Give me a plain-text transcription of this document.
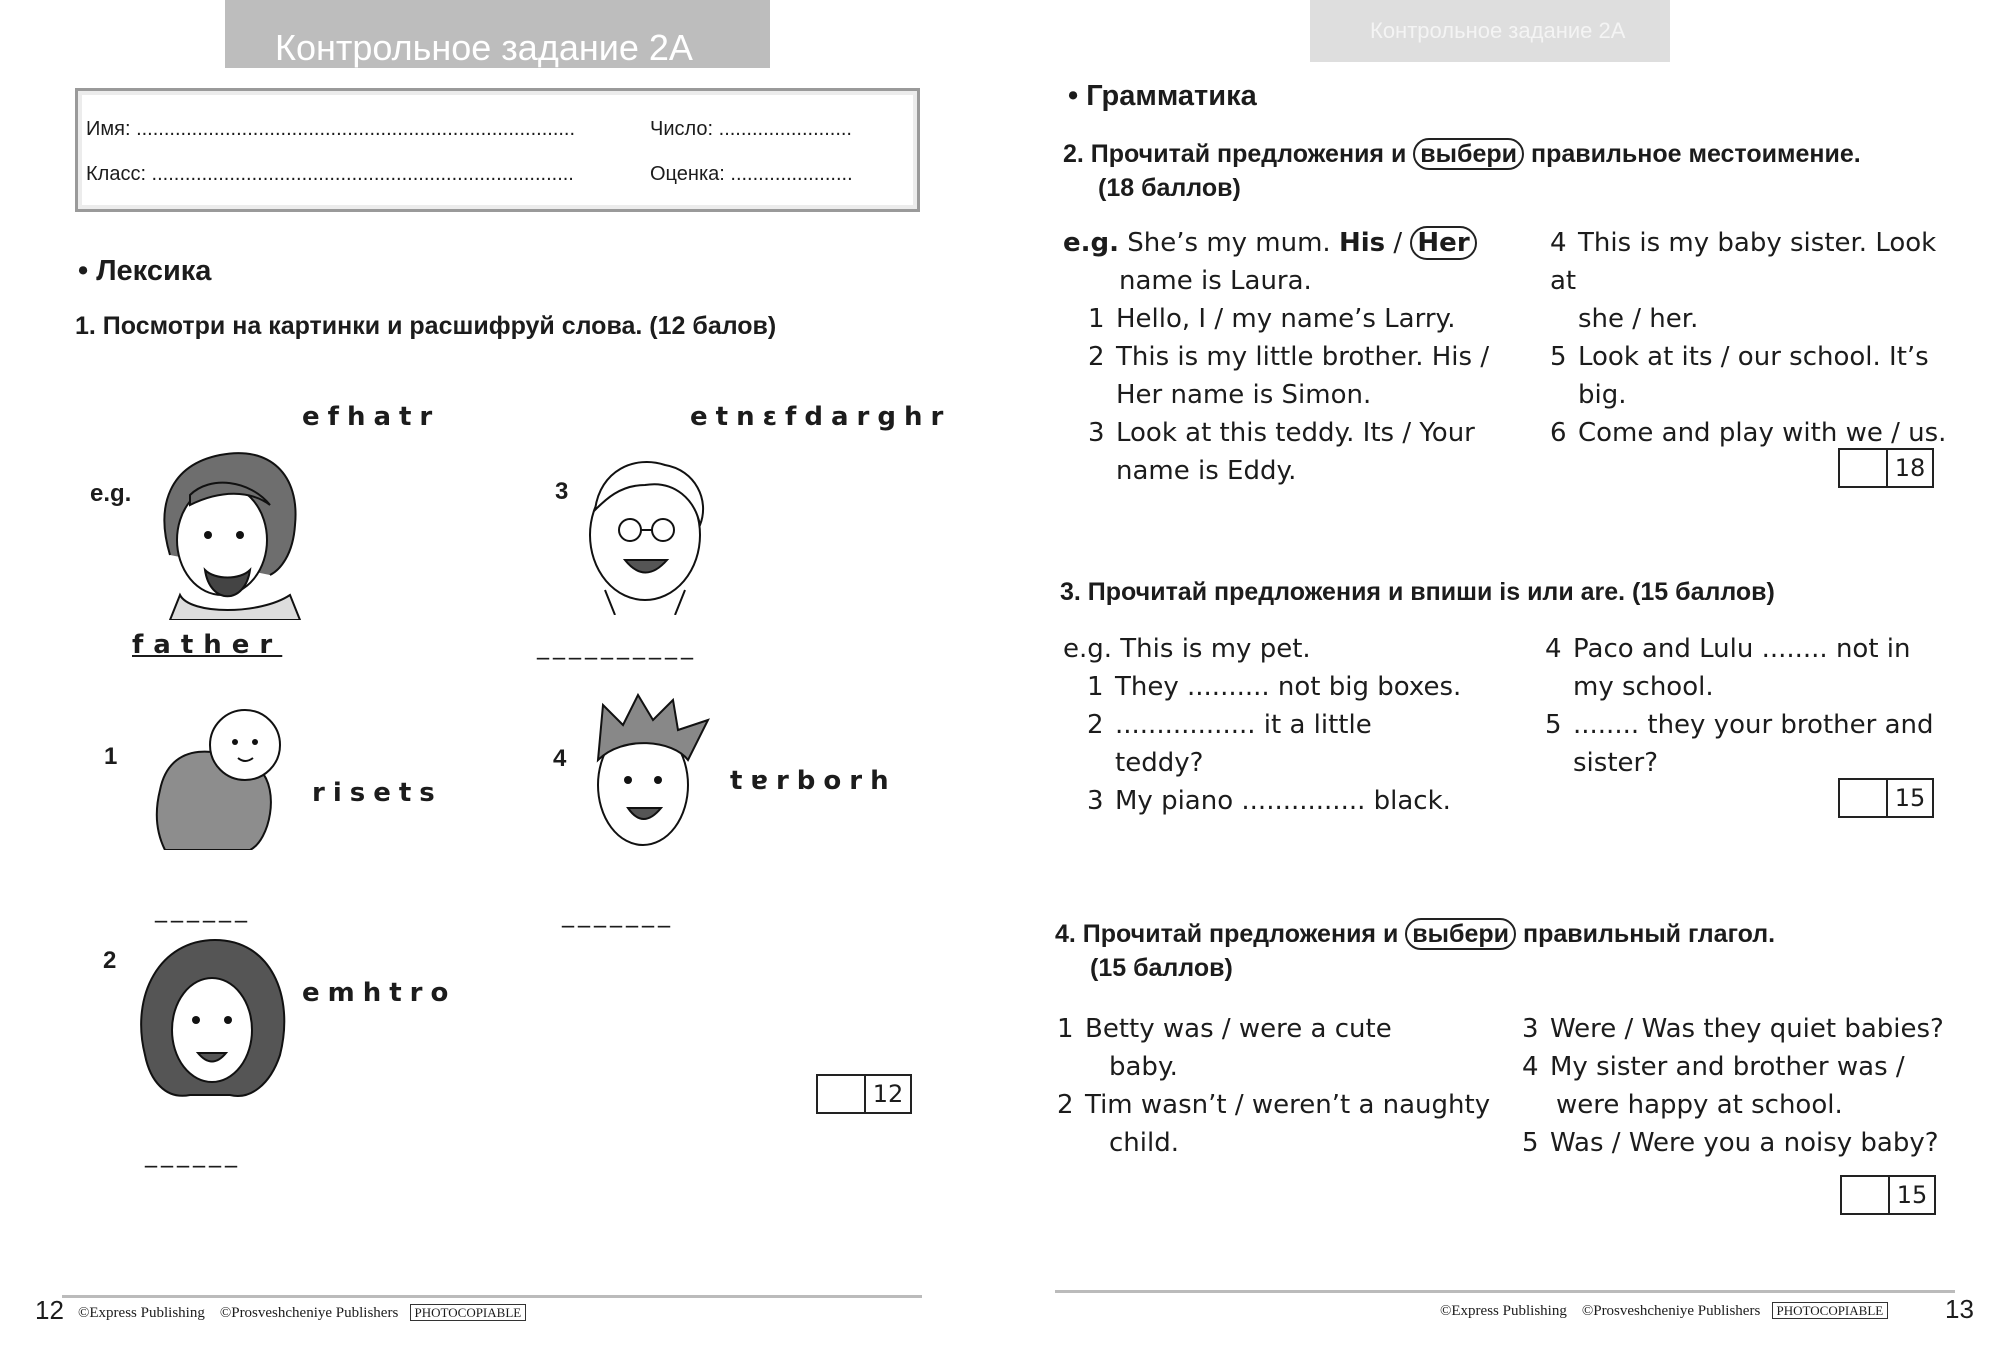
Контрольное задание 2А
Имя: ...............................................................................	Число: ........................
Класс: ............................................................................	Оценка: ......................
• Лексика
1. Посмотри на картинки и расшифруй слова. (12 балов)
e.g.
efhatr
father
1
risets
______
2
emhtro
______
3
etnɛfdarghr
__________
4
tɐrborh
_______
12
12 ©Express Publishing ©Prosveshcheniye Publishers PHOTOCOPIABLE
Контрольное задание 2А
• Грамматика
2. Прочитай предложения и выбери правильное местоимение.
(18 баллов)
e.g. She’s my mum. His / Her
name is Laura.
1 Hello, I / my name’s Larry.
2 This is my little brother. His /
Her name is Simon.
3 Look at this teddy. Its / Your
name is Eddy.
4 This is my baby sister. Look at
she / her.
5 Look at its / our school. It’s
big.
6 Come and play with we / us.
18
3. Прочитай предложения и впиши is или are. (15 баллов)
e.g. This is my pet.
1 They .......... not big boxes.
2 ................. it a little
teddy?
3 My piano ............... black.
4 Paco and Lulu ........ not in
my school.
5 ........ they your brother and
sister?
15
4. Прочитай предложения и выбери правильный глагол.
(15 баллов)
1 Betty was / were a cute
baby.
2 Tim wasn’t / weren’t a naughty
child.
3 Were / Was they quiet babies?
4 My sister and brother was /
were happy at school.
5 Was / Were you a noisy baby?
15
©Express Publishing ©Prosveshcheniye Publishers PHOTOCOPIABLE 13
